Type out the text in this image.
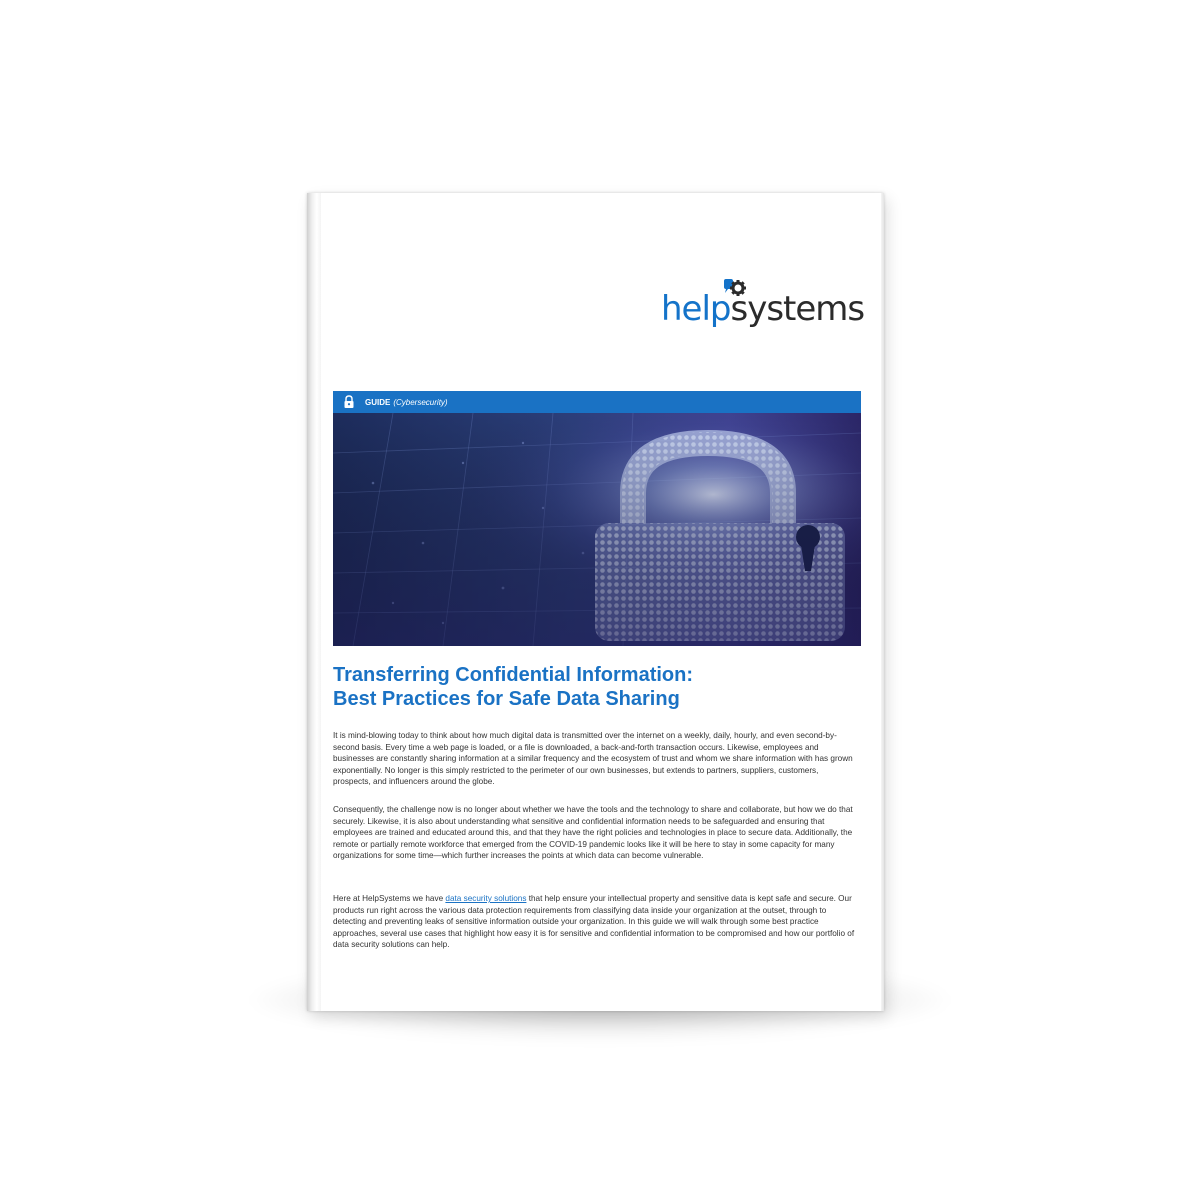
helpsystems
GUIDE (Cybersecurity)
Transferring Confidential Information:
Best Practices for Safe Data Sharing

It is mind-blowing today to think about how much digital data is transmitted over the internet on a weekly, daily, hourly, and even second-by-second basis. Every time a web page is loaded, or a file is downloaded, a back-and-forth transaction occurs. Likewise, employees and businesses are constantly sharing information at a similar frequency and the ecosystem of trust and whom we share information with has grown exponentially. No longer is this simply restricted to the perimeter of our own businesses, but extends to partners, suppliers, customers, prospects, and influencers around the globe.

Consequently, the challenge now is no longer about whether we have the tools and the technology to share and collaborate, but how we do that securely. Likewise, it is also about understanding what sensitive and confidential information needs to be safeguarded and ensuring that employees are trained and educated around this, and that they have the right policies and technologies in place to secure data. Additionally, the remote or partially remote workforce that emerged from the COVID-19 pandemic looks like it will be here to stay in some capacity for many organizations for some time—which further increases the points at which data can become vulnerable.

Here at HelpSystems we have data security solutions that help ensure your intellectual property and sensitive data is kept safe and secure. Our products run right across the various data protection requirements from classifying data inside your organization at the outset, through to detecting and preventing leaks of sensitive information outside your organization. In this guide we will walk through some best practice approaches, several use cases that highlight how easy it is for sensitive and confidential information to be compromised and how our portfolio of data security solutions can help.
